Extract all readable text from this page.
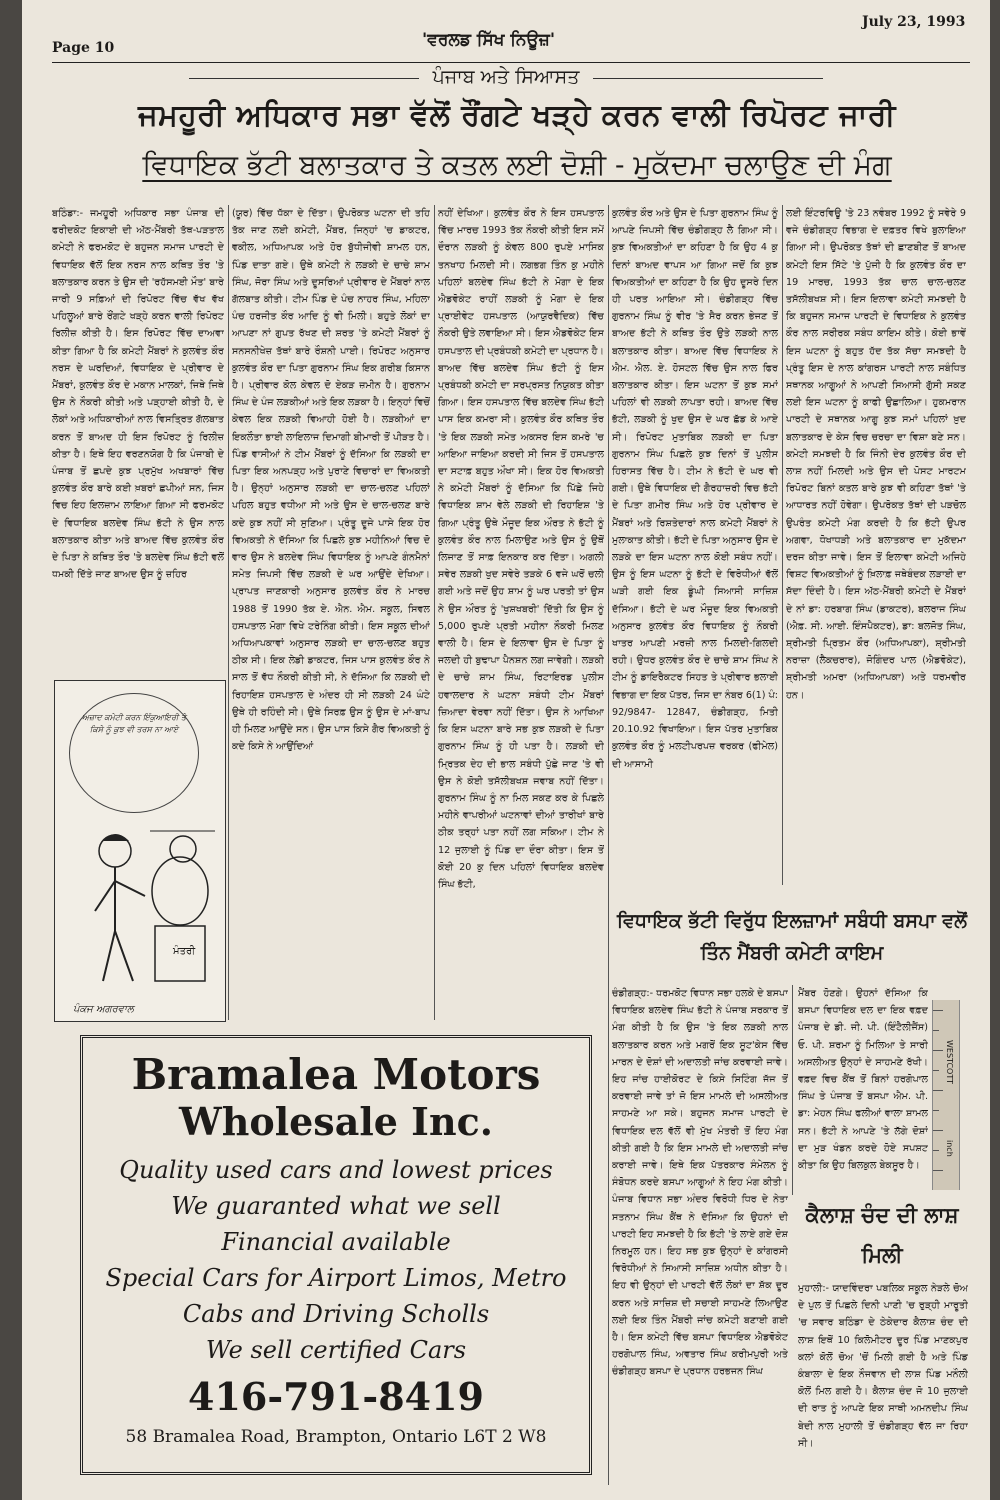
July 23, 1993
Page 10	'ਵਰਲਡ ਸਿੱਖ ਨਿਊਜ਼'
ਪੰਜਾਬ ਅਤੇ ਸਿਆਸਤ
ਜਮਹੂਰੀ ਅਧਿਕਾਰ ਸਭਾ ਵੱਲੋਂ ਰੌਂਗਟੇ ਖੜ੍ਹੇ ਕਰਨ ਵਾਲੀ ਰਿਪੋਰਟ ਜਾਰੀ
ਵਿਧਾਇਕ ਭੱਟੀ ਬਲਾਤਕਾਰ ਤੇ ਕਤਲ ਲਈ ਦੋਸ਼ੀ - ਮੁਕੱਦਮਾ ਚਲਾਉਣ ਦੀ ਮੰਗ
ਬਠਿੰਡਾ:- ਜਮਹੂਰੀ ਅਧਿਕਾਰ ਸਭਾ ਪੰਜਾਬ ਦੀ ਫਰੀਦਕੋਟ ਇਕਾਈ ਦੀ ਅੱਠ-ਮੈਂਬਰੀ ਤੱਥ-ਪੜਤਾਲ ਕਮੇਟੀ ਨੇ ਫਰਮਕੋਟ ਦੇ ਬਹੁਜਨ ਸਮਾਜ ਪਾਰਟੀ ਦੇ ਵਿਧਾਇਕ ਵੱਲੋਂ ਇਕ ਨਰਸ ਨਾਲ ਕਥਿਤ ਤੌਰ 'ਤੇ ਬਲਾਤਕਾਰ ਕਰਨ ਤੇ ਉਸ ਦੀ 'ਰਹੱਸਮਈ ਮੌਤ' ਬਾਰੇ ਜਾਰੀ 9 ਸਫ਼ਿਆਂ ਦੀ ਰਿਪੋਰਟ ਵਿੱਚ ਵੱਖ ਵੱਖ ਪਹਿਲੂਆਂ ਬਾਰੇ ਰੌਂਗਟੇ ਖੜ੍ਹੇ ਕਰਨ ਵਾਲੀ ਰਿਪੋਰਟ ਰਿਲੀਜ਼ ਕੀਤੀ ਹੈ। ਇਸ ਰਿਪੋਰਟ ਵਿੱਚ ਦਾਅਵਾ ਕੀਤਾ ਗਿਆ ਹੈ ਕਿ ਕਮੇਟੀ ਮੈਂਬਰਾਂ ਨੇ ਕੁਲਵੰਤ ਕੌਰ ਨਰਸ ਦੇ ਘਰਦਿਆਂ, ਵਿਧਾਇਕ ਦੇ ਪ੍ਰੀਵਾਰ ਦੇ ਮੈਂਬਰਾਂ, ਕੁਲਵੰਤ ਕੌਰ ਦੇ ਮਕਾਨ ਮਾਲਕਾਂ, ਜਿਥੇ ਜਿਥੇ ਉਸ ਨੇ ਨੌਕਰੀ ਕੀਤੀ ਅਤੇ ਪੜ੍ਹਾਈ ਕੀਤੀ ਹੈ, ਦੇ ਲੋਕਾਂ ਅਤੇ ਅਧਿਕਾਰੀਆਂ ਨਾਲ ਵਿਸਤ੍ਰਿਤ ਗੱਲਬਾਤ ਕਰਨ ਤੋਂ ਬਾਅਦ ਹੀ ਇਸ ਰਿਪੋਰਟ ਨੂੰ ਰਿਲੀਜ਼ ਕੀਤਾ ਹੈ। ਇਥੇ ਇਹ ਵਰਣਨਯੋਗ ਹੈ ਕਿ ਪੰਜਾਬੀ ਦੇ ਪੰਜਾਬ ਤੋਂ ਛਪਦੇ ਕੁਝ ਪ੍ਰਮੁੱਖ ਅਖਬਾਰਾਂ ਵਿੱਚ ਕੁਲਵੰਤ ਕੌਰ ਬਾਰੇ ਕਈ ਖ਼ਬਰਾਂ ਛਪੀਆਂ ਸਨ, ਜਿਸ ਵਿਚ ਇਹ ਇਲਜ਼ਾਮ ਲਾਇਆ ਗਿਆ ਸੀ ਫਰਮਕੋਟ ਦੇ ਵਿਧਾਇਕ ਬਲਦੇਵ ਸਿੰਘ ਭੱਟੀ ਨੇ ਉਸ ਨਾਲ ਬਲਾਤਕਾਰ ਕੀਤਾ ਅਤੇ ਬਾਅਦ ਵਿੱਚ ਕੁਲਵੰਤ ਕੌਰ ਦੇ ਪਿਤਾ ਨੇ ਕਥਿਤ ਤੌਰ 'ਤੇ ਬਲਦੇਵ ਸਿੰਘ ਭੱਟੀ ਵਲੋਂ ਧਮਕੀ ਦਿੱਤੇ ਜਾਣ ਬਾਅਦ ਉਸ ਨੂੰ ਜ਼ਹਿਰ
(ਯੂਰ) ਵਿੱਚ ਧੱਕਾ ਦੇ ਦਿੱਤਾ। ਉਪਰੋਕਤ ਘਟਨਾ ਦੀ ਤਹਿ ਤੱਕ ਜਾਣ ਲਈ ਕਮੇਟੀ, ਮੈਂਬਰ, ਜਿਨ੍ਹਾਂ 'ਚ ਡਾਕਟਰ, ਵਕੀਲ, ਅਧਿਆਪਕ ਅਤੇ ਹੋਰ ਬੁੱਧੀਜੀਵੀ ਸ਼ਾਮਲ ਹਨ, ਪਿੰਡ ਦਾਤਾ ਗਏ। ਉਥੇ ਕਮੇਟੀ ਨੇ ਲੜਕੀ ਦੇ ਚਾਚੇ ਸ਼ਾਮ ਸਿੰਘ, ਜੋਰਾ ਸਿੰਘ ਅਤੇ ਦੂਸਰਿਆਂ ਪ੍ਰੀਵਾਰ ਦੇ ਮੈਂਬਰਾਂ ਨਾਲ ਗੱਲਬਾਤ ਕੀਤੀ। ਟੀਮ ਪਿੰਡ ਦੇ ਪੰਚ ਨਾਹਰ ਸਿੰਘ, ਮਹਿਲਾ ਪੰਚ ਹਰਜੀਤ ਕੌਰ ਆਦਿ ਨੂੰ ਵੀ ਮਿਲੀ। ਬਹੁਤੇ ਲੋਕਾਂ ਦਾ ਆਪਣਾ ਨਾਂ ਗੁਪਤ ਰੱਖਣ ਦੀ ਸ਼ਰਤ 'ਤੇ ਕਮੇਟੀ ਮੈਂਬਰਾਂ ਨੂੰ ਸਨਸਨੀਖੇਜ਼ ਤੱਥਾਂ ਬਾਰੇ ਰੌਸ਼ਨੀ ਪਾਈ। ਰਿਪੋਰਟ ਅਨੁਸਾਰ ਕੁਲਵੰਤ ਕੌਰ ਦਾ ਪਿਤਾ ਗੁਰਨਾਮ ਸਿੰਘ ਇਕ ਗਰੀਬ ਕਿਸਾਨ ਹੈ। ਪ੍ਰੀਵਾਰ ਕੋਲ ਕੇਵਲ ਦੋ ਏਕੜ ਜ਼ਮੀਨ ਹੈ। ਗੁਰਨਾਮ ਸਿੰਘ ਦੇ ਪੰਜ ਲੜਕੀਆਂ ਅਤੇ ਇਕ ਲੜਕਾ ਹੈ। ਇਨ੍ਹਾਂ ਵਿਚੋਂ ਕੇਵਲ ਇਕ ਲੜਕੀ ਵਿਆਹੀ ਹੋਈ ਹੈ। ਲੜਕੀਆਂ ਦਾ ਇਕਲੌਤਾ ਭਾਈ ਲਾਇਲਾਜ ਦਿਮਾਗੀ ਬੀਮਾਰੀ ਤੋਂ ਪੀੜਤ ਹੈ। ਪਿੰਡ ਵਾਸੀਆਂ ਨੇ ਟੀਮ ਮੈਂਬਰਾਂ ਨੂੰ ਦੱਸਿਆ ਕਿ ਲੜਕੀ ਦਾ ਪਿਤਾ ਇਕ ਅਨਪੜ੍ਹ ਅਤੇ ਪੁਰਾਣੇ ਵਿਚਾਰਾਂ ਦਾ ਵਿਅਕਤੀ ਹੈ। ਉਨ੍ਹਾਂ ਅਨੁਸਾਰ ਲੜਕੀ ਦਾ ਚਾਲ-ਚਲਣ ਪਹਿਲਾਂ ਪਹਿਲ ਬਹੁਤ ਵਧੀਆ ਸੀ ਅਤੇ ਉਸ ਦੇ ਚਾਲ-ਚਲਣ ਬਾਰੇ ਕਦੇ ਕੁਝ ਨਹੀਂ ਸੀ ਸੁਣਿਆ। ਪ੍ਰੰਤੂ ਦੂਜੇ ਪਾਸੇ ਇਕ ਹੋਰ ਵਿਅਕਤੀ ਨੇ ਦੱਸਿਆ ਕਿ ਪਿਛਲੇ ਕੁਝ ਮਹੀਨਿਆਂ ਵਿਚ ਦੋ ਵਾਰ ਉਸ ਨੇ ਬਲਦੇਵ ਸਿੰਘ ਵਿਧਾਇਕ ਨੂੰ ਆਪਣੇ ਗੰਨਮੈਨਾਂ ਸਮੇਤ ਜਿਪਸੀ ਵਿੱਚ ਲੜਕੀ ਦੇ ਘਰ ਆਉਂਦੇ ਦੇਖਿਆ। ਪ੍ਰਾਪਤ ਜਾਣਕਾਰੀ ਅਨੁਸਾਰ ਕੁਲਵੰਤ ਕੌਰ ਨੇ ਮਾਰਚ 1988 ਤੋਂ 1990 ਤੱਕ ਏ. ਐਨ. ਐਮ. ਸਕੂਲ, ਸਿਵਲ ਹਸਪਤਾਲ ਮੋਗਾ ਵਿਖੇ ਟਰੇਨਿੰਗ ਕੀਤੀ। ਇਸ ਸਕੂਲ ਦੀਆਂ ਅਧਿਆਪਕਾਵਾਂ ਅਨੁਸਾਰ ਲੜਕੀ ਦਾ ਚਾਲ-ਚਲਣ ਬਹੁਤ ਠੀਕ ਸੀ। ਇਕ ਲੇਡੀ ਡਾਕਟਰ, ਜਿਸ ਪਾਸ ਕੁਲਵੰਤ ਕੌਰ ਨੇ ਸਾਲ ਤੋਂ ਵੱਧ ਨੌਕਰੀ ਕੀਤੀ ਸੀ, ਨੇ ਦੱਸਿਆ ਕਿ ਲੜਕੀ ਦੀ ਰਿਹਾਇਸ਼ ਹਸਪਤਾਲ ਦੇ ਅੰਦਰ ਹੀ ਸੀ ਲੜਕੀ 24 ਘੰਟੇ ਉਥੇ ਹੀ ਰਹਿੰਦੀ ਸੀ। ਉਥੇ ਸਿਰਫ਼ ਉਸ ਨੂੰ ਉਸ ਦੇ ਮਾਂ-ਬਾਪ ਹੀ ਮਿਲਣ ਆਉਂਦੇ ਸਨ। ਉਸ ਪਾਸ ਕਿਸੇ ਗੈਰ ਵਿਅਕਤੀ ਨੂੰ ਕਦੇ ਕਿਸੇ ਨੇ ਆਉਂਦਿਆਂ
ਨਹੀਂ ਦੇਖਿਆ। ਕੁਲਵੰਤ ਕੌਰ ਨੇ ਇਸ ਹਸਪਤਾਲ ਵਿੱਚ ਮਾਰਚ 1993 ਤੱਕ ਨੌਕਰੀ ਕੀਤੀ ਇਸ ਸਮੇਂ ਦੌਰਾਨ ਲੜਕੀ ਨੂੰ ਕੇਵਲ 800 ਰੁਪਏ ਮਾਸਿਕ ਤਨਖਾਹ ਮਿਲਦੀ ਸੀ। ਲਗਭਗ ਤਿੰਨ ਕੁ ਮਹੀਨੇ ਪਹਿਲਾਂ ਬਲਦੇਵ ਸਿੰਘ ਭੱਟੀ ਨੇ ਮੋਗਾ ਦੇ ਇਕ ਐਡਵੋਕੇਟ ਰਾਹੀਂ ਲੜਕੀ ਨੂੰ ਮੋਗਾ ਦੇ ਇਕ ਪ੍ਰਾਈਵੇਟ ਹਸਪਤਾਲ (ਆਯੁਰਵੈਦਿਕ) ਵਿੱਚ ਨੌਕਰੀ ਉਤੇ ਲਵਾਇਆ ਸੀ। ਇਸ ਐਡਵੋਕੇਟ ਇਸ ਹਸਪਤਾਲ ਦੀ ਪ੍ਰਬੰਧਕੀ ਕਮੇਟੀ ਦਾ ਪ੍ਰਧਾਨ ਹੈ। ਬਾਅਦ ਵਿੱਚ ਬਲਦੇਵ ਸਿੰਘ ਭੱਟੀ ਨੂੰ ਇਸ ਪ੍ਰਬੰਧਕੀ ਕਮੇਟੀ ਦਾ ਸਰਪ੍ਰਸਤ ਨਿਯੁਕਤ ਕੀਤਾ ਗਿਆ। ਇਸ ਹਸਪਤਾਲ ਵਿੱਚ ਬਲਦੇਵ ਸਿੰਘ ਭੱਟੀ ਪਾਸ ਇਕ ਕਮਰਾ ਸੀ। ਕੁਲਵੰਤ ਕੌਰ ਕਥਿਤ ਤੌਰ 'ਤੇ ਇਕ ਲੜਕੀ ਸਮੇਤ ਅਕਸਰ ਇਸ ਕਮਰੇ 'ਚ ਆਇਆ ਜਾਇਆ ਕਰਦੀ ਸੀ ਜਿਸ ਤੋਂ ਹਸਪਤਾਲ ਦਾ ਸਟਾਫ਼ ਬਹੁਤ ਔਖਾ ਸੀ। ਇਕ ਹੋਰ ਵਿਅਕਤੀ ਨੇ ਕਮੇਟੀ ਮੈਂਬਰਾਂ ਨੂੰ ਦੱਸਿਆ ਕਿ ਪਿੱਛੇ ਜਿਹੇ ਵਿਧਾਇਕ ਸ਼ਾਮ ਵੇਲੇ ਲੜਕੀ ਦੀ ਰਿਹਾਇਸ਼ 'ਤੇ ਗਿਆ ਪ੍ਰੰਤੂ ਉਥੇ ਮੌਜੂਦ ਇਕ ਔਰਤ ਨੇ ਭੱਟੀ ਨੂੰ ਕੁਲਵੰਤ ਕੌਰ ਨਾਲ ਮਿਲਾਉਣ ਅਤੇ ਉਸ ਨੂੰ ਉਥੋਂ ਲਿਜਾਣ ਤੋਂ ਸਾਫ਼ ਇਨਕਾਰ ਕਰ ਦਿੱਤਾ। ਅਗਲੀ ਸਵੇਰ ਲੜਕੀ ਖੁਦ ਸਵੇਰੇ ਤੜਕੇ 6 ਵਜੇ ਘਰੋਂ ਚਲੀ ਗਈ ਅਤੇ ਜਦੋਂ ਉਹ ਸ਼ਾਮ ਨੂੰ ਘਰ ਪਰਤੀ ਤਾਂ ਉਸ ਨੇ ਉਸ ਔਰਤ ਨੂੰ 'ਖੁਸ਼ਖਬਰੀ' ਦਿੱਤੀ ਕਿ ਉਸ ਨੂੰ 5,000 ਰੁਪਏ ਪ੍ਰਤੀ ਮਹੀਨਾ ਨੌਕਰੀ ਮਿਲਣ ਵਾਲੀ ਹੈ। ਇਸ ਦੇ ਇਲਾਵਾ ਉਸ ਦੇ ਪਿਤਾ ਨੂੰ ਜਲਦੀ ਹੀ ਬੁਢਾਪਾ ਪੈਨਸ਼ਨ ਲਗ ਜਾਵੇਗੀ। ਲੜਕੀ ਦੇ ਚਾਚੇ ਸ਼ਾਮ ਸਿੰਘ, ਰਿਟਾਇਰਡ ਪੁਲੀਸ ਹਵਾਲਦਾਰ ਨੇ ਘਟਨਾ ਸਬੰਧੀ ਟੀਮ ਮੈਂਬਰਾਂ ਜ਼ਿਆਦਾ ਵੇਰਵਾ ਨਹੀਂ ਦਿੱਤਾ। ਉਸ ਨੇ ਆਖਿਆ ਕਿ ਇਸ ਘਟਨਾ ਬਾਰੇ ਸਭ ਕੁਝ ਲੜਕੀ ਦੇ ਪਿਤਾ ਗੁਰਨਾਮ ਸਿੰਘ ਨੂੰ ਹੀ ਪਤਾ ਹੈ। ਲੜਕੀ ਦੀ ਮ੍ਰਿਤਕ ਦੇਹ ਦੀ ਭਾਲ ਸਬੰਧੀ ਪੁੱਛੇ ਜਾਣ 'ਤੇ ਵੀ ਉਸ ਨੇ ਕੋਈ ਤਸੱਲੀਬਖਸ਼ ਜਵਾਬ ਨਹੀਂ ਦਿੱਤਾ। ਗੁਰਨਾਮ ਸਿੰਘ ਨੂੰ ਨਾ ਮਿਲ ਸਕਣ ਕਰ ਕੇ ਪਿਛਲੇ ਮਹੀਨੇ ਵਾਪਰੀਆਂ ਘਟਨਾਵਾਂ ਦੀਆਂ ਤਾਰੀਖਾਂ ਬਾਰੇ ਠੀਕ ਤਰ੍ਹਾਂ ਪਤਾ ਨਹੀਂ ਲਗ ਸਕਿਆ। ਟੀਮ ਨੇ 12 ਜੁਲਾਈ ਨੂੰ ਪਿੰਡ ਦਾ ਦੌਰਾ ਕੀਤਾ। ਇਸ ਤੋਂ ਕੋਈ 20 ਕੁ ਦਿਨ ਪਹਿਲਾਂ ਵਿਧਾਇਕ ਬਲਦੇਵ ਸਿੰਘ ਭੱਟੀ,
ਕੁਲਵੰਤ ਕੌਰ ਅਤੇ ਉਸ ਦੇ ਪਿਤਾ ਗੁਰਨਾਮ ਸਿੰਘ ਨੂੰ ਆਪਣੇ ਜਿਪਸੀ ਵਿੱਚ ਚੰਡੀਗੜ੍ਹ ਲੈ ਗਿਆ ਸੀ। ਕੁਝ ਵਿਅਕਤੀਆਂ ਦਾ ਕਹਿਣਾ ਹੈ ਕਿ ਉਹ 4 ਕੁ ਦਿਨਾਂ ਬਾਅਦ ਵਾਪਸ ਆ ਗਿਆ ਜਦੋਂ ਕਿ ਕੁਝ ਵਿਅਕਤੀਆਂ ਦਾ ਕਹਿਣਾ ਹੈ ਕਿ ਉਹ ਦੂਸਰੇ ਦਿਨ ਹੀ ਪਰਤ ਆਇਆ ਸੀ। ਚੰਡੀਗੜ੍ਹ ਵਿੱਚ ਗੁਰਨਾਮ ਸਿੰਘ ਨੂੰ ਵੀਰ 'ਤੇ ਸੈਰ ਕਰਨ ਭੇਜਣ ਤੋਂ ਬਾਅਦ ਭੱਟੀ ਨੇ ਕਥਿਤ ਤੌਰ ਉਤੇ ਲੜਕੀ ਨਾਲ ਬਲਾਤਕਾਰ ਕੀਤਾ। ਬਾਅਦ ਵਿੱਚ ਵਿਧਾਇਕ ਨੇ ਐਮ. ਐਲ. ਏ. ਹੋਸਟਲ ਵਿੱਚ ਉਸ ਨਾਲ ਫਿਰ ਬਲਾਤਕਾਰ ਕੀਤਾ। ਇਸ ਘਟਨਾ ਤੋਂ ਕੁਝ ਸਮਾਂ ਪਹਿਲਾਂ ਵੀ ਲੜਕੀ ਲਾਪਤਾ ਰਹੀ। ਬਾਅਦ ਵਿੱਚ ਭੱਟੀ, ਲੜਕੀ ਨੂੰ ਖੁਦ ਉਸ ਦੇ ਘਰ ਛੱਡ ਕੇ ਆਏ ਸੀ। ਰਿਪੋਰਟ ਮੁਤਾਬਿਕ ਲੜਕੀ ਦਾ ਪਿਤਾ ਗੁਰਨਾਮ ਸਿੰਘ ਪਿਛਲੇ ਕੁਝ ਦਿਨਾਂ ਤੋਂ ਪੁਲੀਸ ਹਿਰਾਸਤ ਵਿੱਚ ਹੈ। ਟੀਮ ਨੇ ਭੱਟੀ ਦੇ ਘਰ ਵੀ ਗਈ। ਉਥੇ ਵਿਧਾਇਕ ਦੀ ਗੈਰਹਾਜ਼ਰੀ ਵਿਚ ਭੱਟੀ ਦੇ ਪਿਤਾ ਗਮੀਰ ਸਿੰਘ ਅਤੇ ਹੋਰ ਪ੍ਰੀਵਾਰ ਦੇ ਮੈਂਬਰਾਂ ਅਤੇ ਰਿਸ਼ਤੇਦਾਰਾਂ ਨਾਲ ਕਮੇਟੀ ਮੈਂਬਰਾਂ ਨੇ ਮੁਲਾਕਾਤ ਕੀਤੀ। ਭੱਟੀ ਦੇ ਪਿਤਾ ਅਨੁਸਾਰ ਉਸ ਦੇ ਲੜਕੇ ਦਾ ਇਸ ਘਟਨਾ ਨਾਲ ਕੋਈ ਸਬੰਧ ਨਹੀਂ। ਉਸ ਨੂੰ ਇਸ ਘਟਨਾ ਨੂੰ ਭੱਟੀ ਦੇ ਵਿਰੋਧੀਆਂ ਵੱਲੋਂ ਘੜੀ ਗਈ ਇਕ ਡੂੰਘੀ ਸਿਆਸੀ ਸਾਜ਼ਿਸ਼ ਦੱਸਿਆ। ਭੱਟੀ ਦੇ ਘਰ ਮੌਜੂਦ ਇਕ ਵਿਅਕਤੀ ਅਨੁਸਾਰ ਕੁਲਵੰਤ ਕੌਰ ਵਿਧਾਇਕ ਨੂੰ ਨੌਕਰੀ ਖਾਤਰ ਆਪਣੀ ਮਰਜ਼ੀ ਨਾਲ ਮਿਲਦੀ-ਗਿਲਦੀ ਰਹੀ। ਉਧਰ ਕੁਲਵੰਤ ਕੌਰ ਦੇ ਚਾਚੇ ਸ਼ਾਮ ਸਿੰਘ ਨੇ ਟੀਮ ਨੂੰ ਡਾਇਰੈਕਟਰ ਸਿਹਤ ਤੇ ਪ੍ਰੀਵਾਰ ਭਲਾਈ ਵਿਭਾਗ ਦਾ ਇਕ ਪੱਤਰ, ਜਿਸ ਦਾ ਨੰਬਰ 6(1) ਪੰ: 92/9847- 12847, ਚੰਡੀਗੜ੍ਹ, ਮਿਤੀ 20.10.92 ਵਿਖਾਇਆ। ਇਸ ਪੱਤਰ ਮੁਤਾਬਿਕ ਕੁਲਵੰਤ ਕੌਰ ਨੂੰ ਮਲਟੀਪਰਪਜ਼ ਵਰਕਰ (ਫੀਮੇਲ) ਦੀ ਆਸਾਮੀ
ਲਈ ਇੰਟਰਵਿਊ 'ਤੇ 23 ਨਵੰਬਰ 1992 ਨੂੰ ਸਵੇਰੇ 9 ਵਜੇ ਚੰਡੀਗੜ੍ਹ ਵਿਭਾਗ ਦੇ ਦਫ਼ਤਰ ਵਿਖੇ ਬੁਲਾਇਆ ਗਿਆ ਸੀ। ਉਪਰੋਕਤ ਤੱਥਾਂ ਦੀ ਛਾਣਬੀਣ ਤੋਂ ਬਾਅਦ ਕਮੇਟੀ ਇਸ ਸਿੱਟੇ 'ਤੇ ਪੁੱਜੀ ਹੈ ਕਿ ਕੁਲਵੰਤ ਕੌਰ ਦਾ 19 ਮਾਰਚ, 1993 ਤੱਕ ਚਾਲ ਚਾਲ-ਚਲਣ ਤਸੱਲੀਬਖਸ਼ ਸੀ। ਇਸ ਇਲਾਵਾ ਕਮੇਟੀ ਸਮਝਦੀ ਹੈ ਕਿ ਬਹੁਜਨ ਸਮਾਜ ਪਾਰਟੀ ਦੇ ਵਿਧਾਇਕ ਨੇ ਕੁਲਵੰਤ ਕੌਰ ਨਾਲ ਸਰੀਰਕ ਸਬੰਧ ਕਾਇਮ ਕੀਤੇ। ਕੋਈ ਭਾਵੇਂ ਇਸ ਘਟਨਾ ਨੂੰ ਬਹੁਤ ਹੱਦ ਤੱਕ ਸੱਚਾ ਸਮਝਦੀ ਹੈ ਪ੍ਰੰਤੂ ਇਸ ਦੇ ਨਾਲ ਕਾਂਗਰਸ ਪਾਰਟੀ ਨਾਲ ਸਬੰਧਿਤ ਸਥਾਨਕ ਆਗੂਆਂ ਨੇ ਆਪਣੀ ਸਿਆਸੀ ਗੁੱਸੀ ਸਕਣ ਲਈ ਇਸ ਘਟਨਾ ਨੂੰ ਕਾਫੀ ਉਛਾਲਿਆ। ਹੁਕਮਰਾਨ ਪਾਰਟੀ ਦੇ ਸਥਾਨਕ ਆਗੂ ਕੁਝ ਸਮਾਂ ਪਹਿਲਾਂ ਖ਼ੁਦ ਬਲਾਤਕਾਰ ਦੇ ਕੇਸ ਵਿਚ ਚਰਚਾ ਦਾ ਵਿਸ਼ਾ ਬਣੇ ਸਨ। ਕਮੇਟੀ ਸਮਝਦੀ ਹੈ ਕਿ ਜਿੰਨੀ ਦੇਰ ਕੁਲਵੰਤ ਕੌਰ ਦੀ ਲਾਸ਼ ਨਹੀਂ ਮਿਲਦੀ ਅਤੇ ਉਸ ਦੀ ਪੋਸਟ ਮਾਰਟਮ ਰਿਪੋਰਟ ਬਿਨਾਂ ਕਤਲ ਬਾਰੇ ਕੁਝ ਵੀ ਕਹਿਣਾ ਤੱਥਾਂ 'ਤੇ ਆਧਾਰਤ ਨਹੀਂ ਹੋਵੇਗਾ। ਉਪਰੋਕਤ ਤੱਥਾਂ ਦੀ ਪੜਚੋਲ ਉਪਰੰਤ ਕਮੇਟੀ ਮੰਗ ਕਰਦੀ ਹੈ ਕਿ ਭੱਟੀ ਉਪਰ ਅਗਵਾ, ਧੋਖਾਧੜੀ ਅਤੇ ਬਲਾਤਕਾਰ ਦਾ ਮੁਕੱਦਮਾ ਦਰਜ ਕੀਤਾ ਜਾਵੇ। ਇਸ ਤੋਂ ਇਲਾਵਾ ਕਮੇਟੀ ਅਜਿਹੇ ਵਿਸ਼ਟ ਵਿਅਕਤੀਆਂ ਨੂੰ ਖ਼ਿਲਾਫ਼ ਜਥੇਬੰਦਕ ਲੜਾਈ ਦਾ ਸੱਦਾ ਦਿੰਦੀ ਹੈ। ਇਸ ਅੱਠ-ਮੈਂਬਰੀ ਕਮੇਟੀ ਦੇ ਮੈਂਬਰਾਂ ਦੇ ਨਾਂ ਡਾ: ਹਰਬਾਗ ਸਿੰਘ (ਡਾਕਟਰ), ਬਲਰਾਜ ਸਿੰਘ (ਐਫ਼. ਸੀ. ਆਈ. ਇੰਸਪੈਕਟਰ), ਡਾ: ਬਲਜੋਤ ਸਿੰਘ, ਸ਼੍ਰੀਮਤੀ ਪ੍ਰਿਤਮ ਕੌਰ (ਅਧਿਆਪਕਾ), ਸ਼੍ਰੀਮਤੀ ਨਰਾਜ਼ਾ (ਲੈਕਚਰਾਰ), ਜੋਗਿੰਦਰ ਪਾਲ (ਐਡਵੋਕੇਟ), ਸ਼੍ਰੀਮਤੀ ਅਮਰਾ (ਅਧਿਆਪਕਾ) ਅਤੇ ਧਰਮਵੀਰ ਹਨ।
ਅਜ਼ਾਦ ਕਮੇਟੀ ਕਰਨ ਇੰਕੁਆਇਰੀ ਤੇ ਕਿਸੇ ਨੂੰ ਕੁਝ ਵੀ ਤਰਸ ਨਾ ਆਏ
ਮੰਤਰੀ
ਪੰਕਜ ਅਗਰਵਾਲ
Bramalea Motors
Wholesale Inc.
Quality used cars and lowest prices
We guaranted what we sell
Financial available
Special Cars for Airport Limos, Metro
Cabs and Driving Scholls
We sell certified Cars
416-791-8419
58 Bramalea Road, Brampton, Ontario L6T 2 W8
ਵਿਧਾਇਕ ਭੱਟੀ ਵਿਰੁੱਧ ਇਲਜ਼ਾਮਾਂ ਸਬੰਧੀ ਬਸਪਾ ਵਲੋਂ ਤਿੰਨ ਮੈਂਬਰੀ ਕਮੇਟੀ ਕਾਇਮ
ਚੰਡੀਗੜ੍ਹ:- ਧਰਮਕੋਟ ਵਿਧਾਨ ਸਭਾ ਹਲਕੇ ਦੇ ਬਸਪਾ ਵਿਧਾਇਕ ਬਲਦੇਵ ਸਿੰਘ ਭੱਟੀ ਨੇ ਪੰਜਾਬ ਸਰਕਾਰ ਤੋਂ ਮੰਗ ਕੀਤੀ ਹੈ ਕਿ ਉਸ 'ਤੇ ਇਕ ਲੜਕੀ ਨਾਲ ਬਲਾਤਕਾਰ ਕਰਨ ਅਤੇ ਮਗਰੋਂ ਇਕ ਸੂਟ'ਕੇਸ ਵਿੱਚ ਮਾਰਨ ਦੇ ਦੋਸ਼ਾਂ ਦੀ ਅਦਾਲਤੀ ਜਾਂਚ ਕਰਵਾਈ ਜਾਵੇ। ਇਹ ਜਾਂਚ ਹਾਈਕੋਰਟ ਦੇ ਕਿਸੇ ਸਿਟਿੰਗ ਜੱਜ ਤੋਂ ਕਰਵਾਈ ਜਾਵੇ ਤਾਂ ਜੋ ਇਸ ਮਾਮਲੇ ਦੀ ਅਸਲੀਅਤ ਸਾਹਮਣੇ ਆ ਸਕੇ। ਬਹੁਜਨ ਸਮਾਜ ਪਾਰਟੀ ਦੇ ਵਿਧਾਇਕ ਦਲ ਵੱਲੋਂ ਵੀ ਮੁੱਖ ਮੰਤਰੀ ਤੋਂ ਇਹ ਮੰਗ ਕੀਤੀ ਗਈ ਹੈ ਕਿ ਇਸ ਮਾਮਲੇ ਦੀ ਅਦਾਲਤੀ ਜਾਂਚ ਕਰਾਈ ਜਾਵੇ। ਇਥੇ ਇਕ ਪੱਤਰਕਾਰ ਸੰਮੇਲਨ ਨੂੰ ਸੰਬੋਧਨ ਕਰਦੇ ਬਸਪਾ ਆਗੂਆਂ ਨੇ ਇਹ ਮੰਗ ਕੀਤੀ। ਪੰਜਾਬ ਵਿਧਾਨ ਸਭਾ ਅੰਦਰ ਵਿਰੋਧੀ ਧਿਰ ਦੇ ਨੇਤਾ ਸਤਨਾਮ ਸਿੰਘ ਕੈਂਥ ਨੇ ਦੱਸਿਆ ਕਿ ਉਹਨਾਂ ਦੀ ਪਾਰਟੀ ਇਹ ਸਮਝਦੀ ਹੈ ਕਿ ਭੱਟੀ 'ਤੇ ਲਾਏ ਗਏ ਦੋਸ਼ ਨਿਰਮੂਲ ਹਨ। ਇਹ ਸਭ ਕੁਝ ਉਨ੍ਹਾਂ ਦੇ ਕਾਂਗਰਸੀ ਵਿਰੋਧੀਆਂ ਨੇ ਸਿਆਸੀ ਸਾਜ਼ਿਸ਼ ਅਧੀਨ ਕੀਤਾ ਹੈ। ਇਹ ਵੀ ਉਨ੍ਹਾਂ ਦੀ ਪਾਰਟੀ ਵੱਲੋਂ ਲੋਕਾਂ ਦਾ ਸ਼ੱਕ ਦੂਰ ਕਰਨ ਅਤੇ ਸਾਜ਼ਿਸ਼ ਦੀ ਸਚਾਈ ਸਾਹਮਣੇ ਲਿਆਉਣ ਲਈ ਇਕ ਤਿੰਨ ਮੈਂਬਰੀ ਜਾਂਚ ਕਮੇਟੀ ਬਣਾਈ ਗਈ ਹੈ। ਇਸ ਕਮੇਟੀ ਵਿੱਚ ਬਸਪਾ ਵਿਧਾਇਕ ਐਡਵੋਕੇਟ ਹਰਗੋਪਾਲ ਸਿੰਘ, ਅਵਤਾਰ ਸਿੰਘ ਕਰੀਮਪੁਰੀ ਅਤੇ ਚੰਡੀਗੜ੍ਹ ਬਸਪਾ ਦੇ ਪ੍ਰਧਾਨ ਹਰਭਜਨ ਸਿੰਘ
ਮੈਂਬਰ ਹੋਣਗੇ। ਉਹਨਾਂ ਦੱਸਿਆ ਕਿ ਬਸਪਾ ਵਿਧਾਇਕ ਦਲ ਦਾ ਇਕ ਵਫ਼ਦ ਪੰਜਾਬ ਦੇ ਡੀ. ਜੀ. ਪੀ. (ਇੰਟੈਲੀਜੈਂਸ) ਓ. ਪੀ. ਸ਼ਰਮਾ ਨੂੰ ਮਿਲਿਆ ਤੇ ਸਾਰੀ ਅਸਲੀਅਤ ਉਨ੍ਹਾਂ ਦੇ ਸਾਹਮਣੇ ਰੱਖੀ। ਵਫ਼ਦ ਵਿਚ ਕੈਂਥ ਤੋਂ ਬਿਨਾਂ ਹਰਗੋਪਾਲ ਸਿੰਘ ਤੇ ਪੰਜਾਬ ਤੋਂ ਬਸਪਾ ਐਮ. ਪੀ. ਡਾ: ਮੇਹਨ ਸਿੰਘ ਫਲੀਆਂ ਵਾਲਾ ਸ਼ਾਮਲ ਸਨ। ਭੱਟੀ ਨੇ ਆਪਣੇ 'ਤੇ ਲੱਗੇ ਦੋਸ਼ਾਂ ਦਾ ਮੁੜ ਖੰਡਨ ਕਰਦੇ ਹੋਏ ਸਪਸ਼ਟ ਕੀਤਾ ਕਿ ਉਹ ਬਿਲਕੁਲ ਬੇਕਸੂਰ ਹੈ।
ਕੈਲਾਸ਼ ਚੰਦ ਦੀ ਲਾਸ਼ ਮਿਲੀ
ਮੁਹਾਲੀ:- ਯਾਦਵਿੰਦਰਾ ਪਬਲਿਕ ਸਕੂਲ ਨੇੜਲੇ ਚੋਅ ਦੇ ਪੁਲ ਤੋਂ ਪਿਛਲੇ ਦਿਨੀ ਪਾਣੀ 'ਚ ਰੁੜ੍ਹੀ ਮਾਰੂਤੀ 'ਚ ਸਵਾਰ ਬਠਿੰਡਾ ਦੇ ਠੇਕੇਦਾਰ ਕੈਲਾਸ਼ ਚੰਦ ਦੀ ਲਾਸ਼ ਇਥੋਂ 10 ਕਿਲੋਮੀਟਰ ਦੂਰ ਪਿੰਡ ਮਾਣਕਪੁਰ ਕਲਾਂ ਕੋਲੋਂ ਚੋਅ 'ਚੋਂ ਮਿਲੀ ਗਈ ਹੈ ਅਤੇ ਪਿੰਡ ਕੰਬਾਲਾ ਦੇ ਇਕ ਨੌਜਵਾਨ ਦੀ ਲਾਸ਼ ਪਿੰਡ ਮਨੌਲੀ ਕੋਲੋਂ ਮਿਲ ਗਈ ਹੈ। ਕੈਲਾਸ਼ ਚੰਦ ਜੋ 10 ਜੁਲਾਈ ਦੀ ਰਾਤ ਨੂੰ ਆਪਣੇ ਇਕ ਸਾਥੀ ਅਮਨਦੀਪ ਸਿੰਘ ਬੇਦੀ ਨਾਲ ਮੁਹਾਲੀ ਤੋਂ ਚੰਡੀਗੜ੍ਹ ਵੱਲ ਜਾ ਰਿਹਾ ਸੀ।
WESTCOTT
inch
